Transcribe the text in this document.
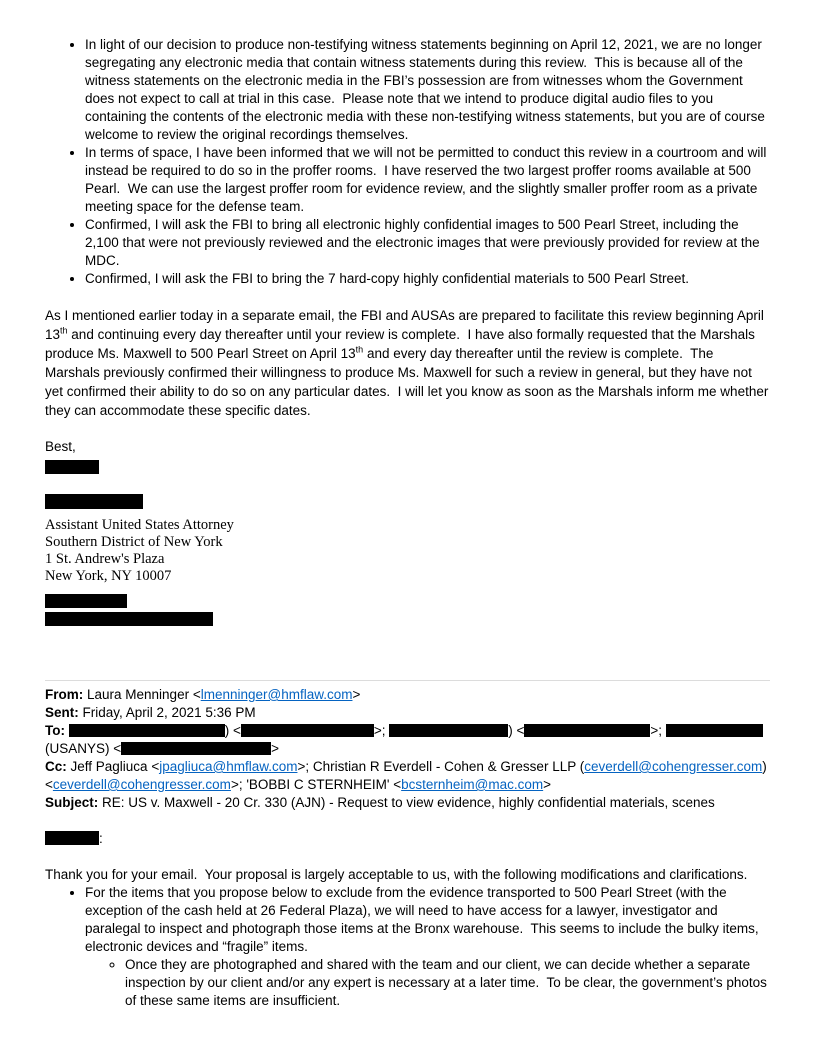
• In light of our decision to produce non-testifying witness statements beginning on April 12, 2021, we are no longer segregating any electronic media that contain witness statements during this review.  This is because all of the witness statements on the electronic media in the FBI’s possession are from witnesses whom the Government does not expect to call at trial in this case.  Please note that we intend to produce digital audio files to you containing the contents of the electronic media with these non-testifying witness statements, but you are of course welcome to review the original recordings themselves.
• In terms of space, I have been informed that we will not be permitted to conduct this review in a courtroom and will instead be required to do so in the proffer rooms.  I have reserved the two largest proffer rooms available at 500 Pearl.  We can use the largest proffer room for evidence review, and the slightly smaller proffer room as a private meeting space for the defense team.
• Confirmed, I will ask the FBI to bring all electronic highly confidential images to 500 Pearl Street, including the 2,100 that were not previously reviewed and the electronic images that were previously provided for review at the MDC.
• Confirmed, I will ask the FBI to bring the 7 hard-copy highly confidential materials to 500 Pearl Street.

As I mentioned earlier today in a separate email, the FBI and AUSAs are prepared to facilitate this review beginning April 13th and continuing every day thereafter until your review is complete.  I have also formally requested that the Marshals produce Ms. Maxwell to 500 Pearl Street on April 13th and every day thereafter until the review is complete.  The Marshals previously confirmed their willingness to produce Ms. Maxwell for such a review in general, but they have not yet confirmed their ability to do so on any particular dates.  I will let you know as soon as the Marshals inform me whether they can accommodate these specific dates.

Best,

Assistant United States Attorney
Southern District of New York
1 St. Andrew's Plaza
New York, NY 10007
From: Laura Menninger <lmenninger@hmflaw.com>
Sent: Friday, April 2, 2021 5:36 PM
To:	) <	>;	) <	>;	(USANYS) <	>
Cc: Jeff Pagliuca <jpagliuca@hmflaw.com>; Christian R Everdell - Cohen & Gresser LLP (ceverdell@cohengresser.com) <ceverdell@cohengresser.com>; 'BOBBI C STERNHEIM' <bcsternheim@mac.com>
Subject: RE: US v. Maxwell - 20 Cr. 330 (AJN) - Request to view evidence, highly confidential materials, scenes
:

Thank you for your email.  Your proposal is largely acceptable to us, with the following modifications and clarifications.

• For the items that you propose below to exclude from the evidence transported to 500 Pearl Street (with the exception of the cash held at 26 Federal Plaza), we will need to have access for a lawyer, investigator and paralegal to inspect and photograph those items at the Bronx warehouse.  This seems to include the bulky items, electronic devices and “fragile” items.
◦ Once they are photographed and shared with the team and our client, we can decide whether a separate inspection by our client and/or any expert is necessary at a later time.  To be clear, the government’s photos of these same items are insufficient.
